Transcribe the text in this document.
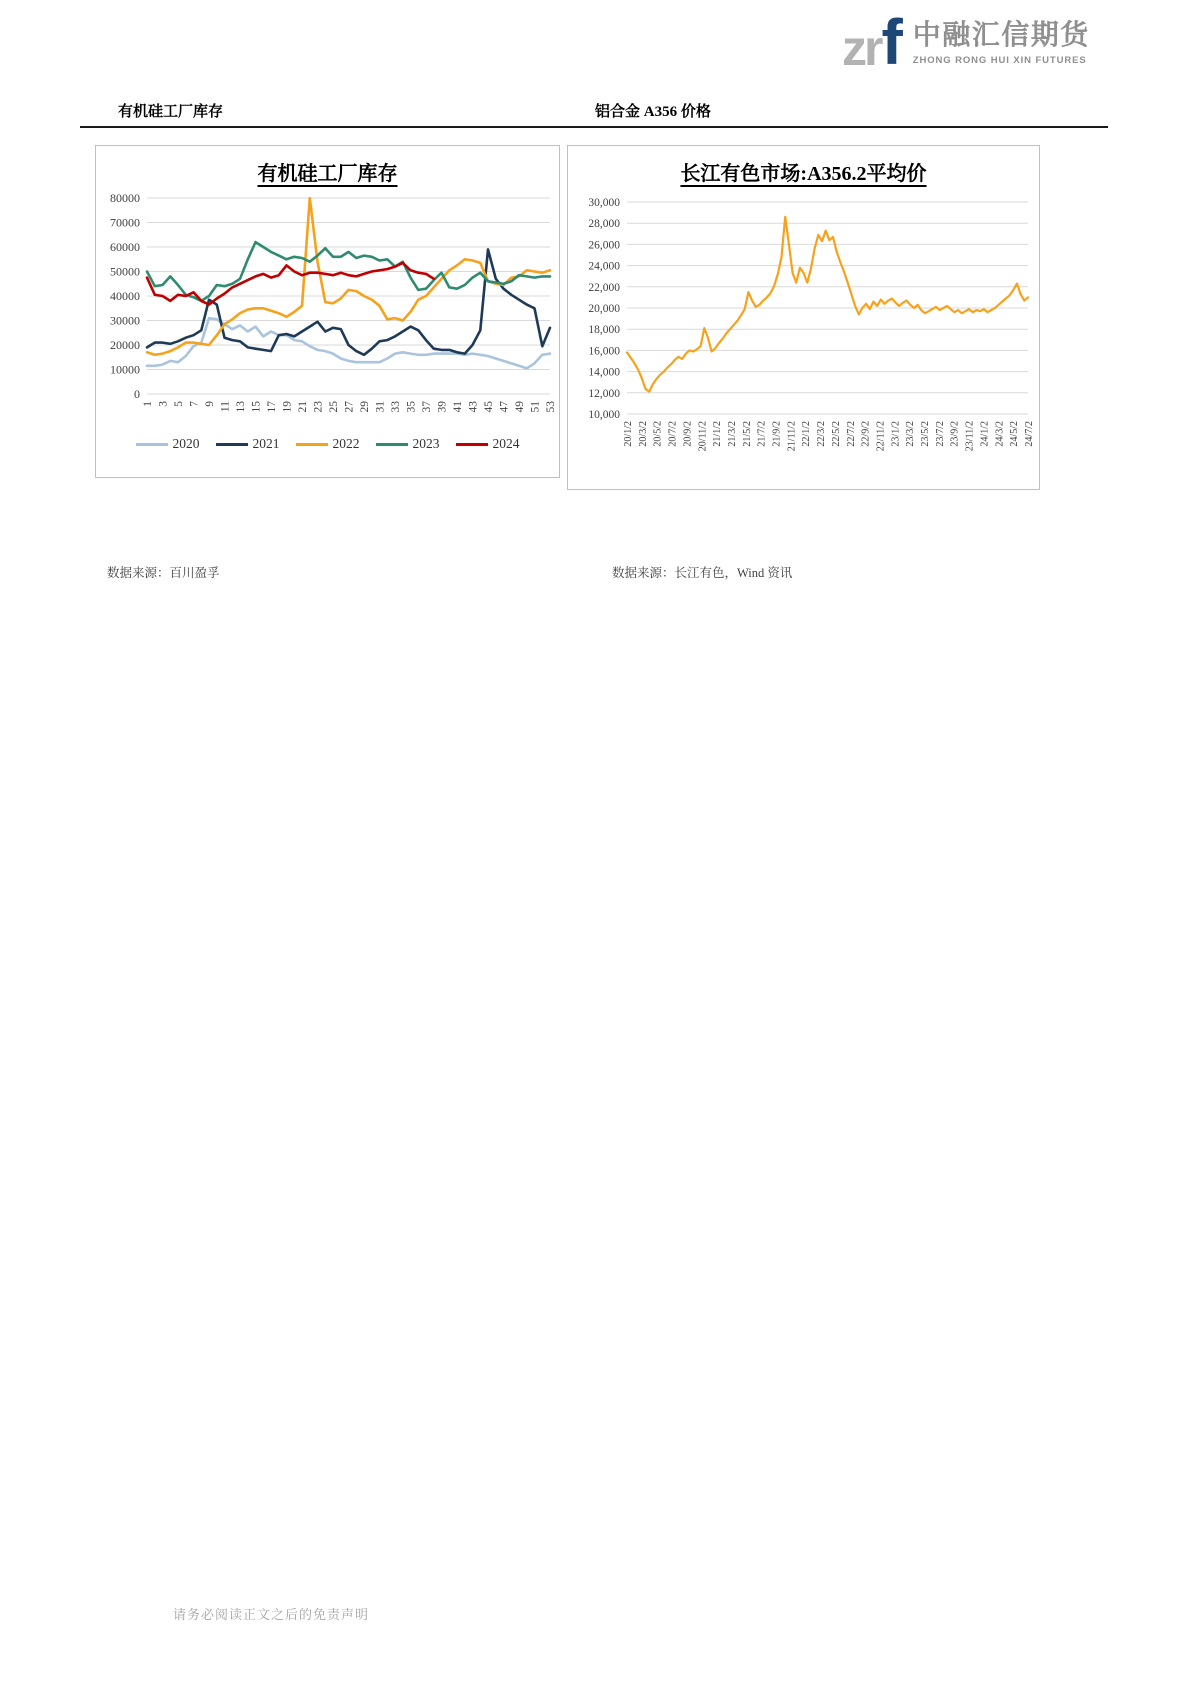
zr f 中融汇信期货
ZHONG RONG HUI XIN FUTURES
有机硅工厂库存	铝合金 A356 价格
有机硅工厂库存
0
10000
20000
30000
40000
50000
60000
70000
80000
1 3 5 7 9 11 13 15 17 19 21 23 25 27 29 31 33 35 37 39 41 43 45 47 49 51 53
2020	2021	2022	2023	2024
长江有色市场:A356.2平均价
10,000
12,000
14,000
16,000
18,000
20,000
22,000
24,000
26,000
28,000
30,000
20/1/2 20/3/2 20/5/2 20/7/2 20/9/2 20/11/2 21/1/2 21/3/2 21/5/2 21/7/2 21/9/2 21/11/2 22/1/2 22/3/2 22/5/2 22/7/2 22/9/2 22/11/2 23/1/2 23/3/2 23/5/2 23/7/2 23/9/2 23/11/2 24/1/2 24/3/2 24/5/2 24/7/2
数据来源：百川盈孚	数据来源：长江有色，Wind 资讯
请务必阅读正文之后的免责声明
